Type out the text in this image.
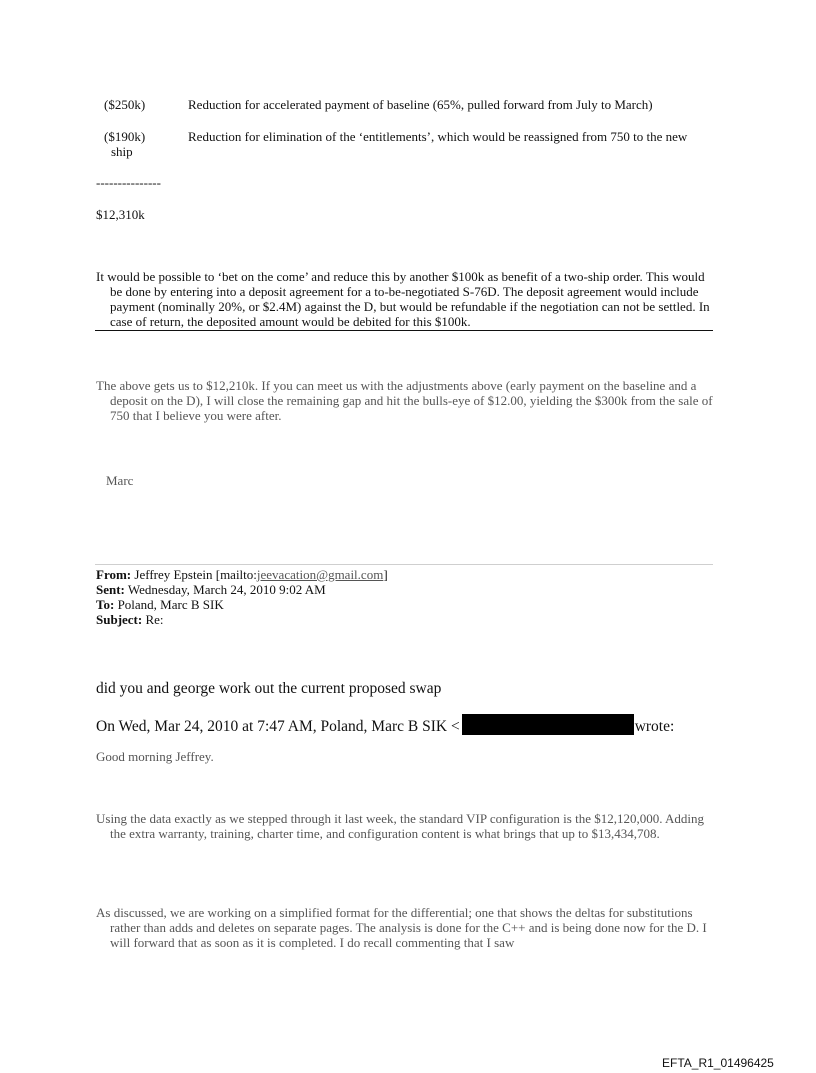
($250k)	Reduction for accelerated payment of baseline (65%, pulled forward from July to March)
($190k)	Reduction for elimination of the ‘entitlements’, which would be reassigned from 750 to the new
ship
---------------
$12,310k
It would be possible to ‘bet on the come’ and reduce this by another $100k as benefit of a two-ship order. This would be done by entering into a deposit agreement for a to-be-negotiated S-76D. The deposit agreement would include payment (nominally 20%, or $2.4M) against the D, but would be refundable if the negotiation can not be settled. In case of return, the deposited amount would be debited for this $100k.
The above gets us to $12,210k. If you can meet us with the adjustments above (early payment on the baseline and a deposit on the D), I will close the remaining gap and hit the bulls-eye of $12.00, yielding the $300k from the sale of 750 that I believe you were after.
Marc
From: Jeffrey Epstein [mailto:jeevacation@gmail.com]
Sent: Wednesday, March 24, 2010 9:02 AM
To: Poland, Marc B SIK
Subject: Re:
did you and george work out the current proposed swap
On Wed, Mar 24, 2010 at 7:47 AM, Poland, Marc B SIK <	wrote:
Good morning Jeffrey.
Using the data exactly as we stepped through it last week, the standard VIP configuration is the $12,120,000. Adding the extra warranty, training, charter time, and configuration content is what brings that up to $13,434,708.
As discussed, we are working on a simplified format for the differential; one that shows the deltas for substitutions rather than adds and deletes on separate pages. The analysis is done for the C++ and is being done now for the D. I will forward that as soon as it is completed. I do recall commenting that I saw
EFTA_R1_01496425
